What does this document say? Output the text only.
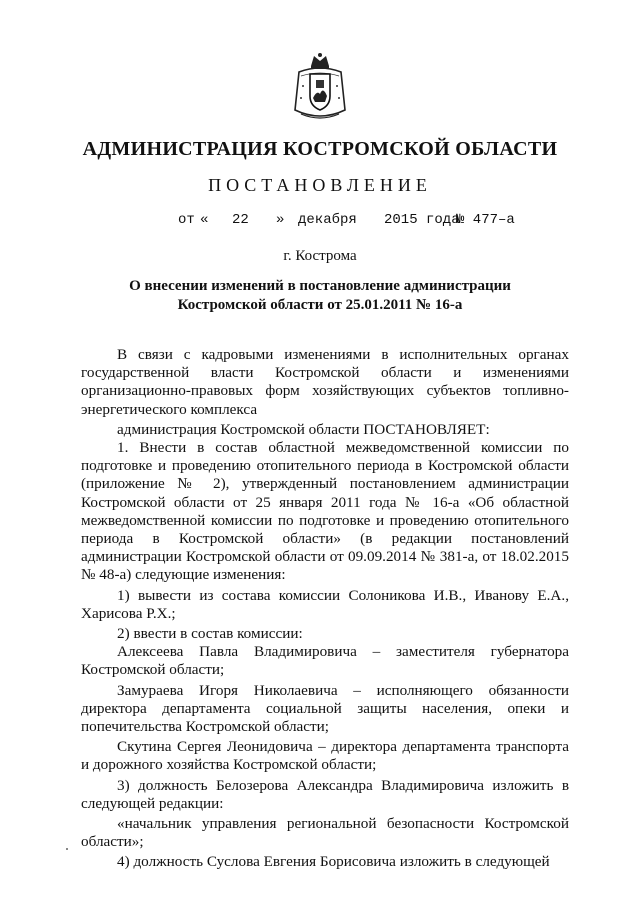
АДМИНИСТРАЦИЯ КОСТРОМСКОЙ ОБЛАСТИ
ПОСТАНОВЛЕНИЕ
от « 22 » декабря 2015 года
№ 477–а
г. Кострома
О внесении изменений в постановление администрации
Костромской области от 25.01.2011 № 16-а

В связи с кадровыми изменениями в исполнительных органах государственной власти Костромской области и изменениями организационно-правовых форм хозяйствующих субъектов топливно-энергетического комплекса

администрация Костромской области ПОСТАНОВЛЯЕТ:

1. Внести в состав областной межведомственной комиссии по подготовке и проведению отопительного периода в Костромской области (приложение № 2), утвержденный постановлением администрации Костромской области от 25 января 2011 года № 16-а «Об областной межведомственной комиссии по подготовке и проведению отопительного периода в Костромской области» (в редакции постановлений администрации Костромской области от 09.09.2014 № 381-а, от 18.02.2015 № 48-а) следующие изменения:

1) вывести из состава комиссии Солоникова И.В., Иванову Е.А., Харисова Р.Х.;

2) ввести в состав комиссии:

Алексеева Павла Владимировича – заместителя губернатора Костромской области;

Замураева Игоря Николаевича – исполняющего обязанности директора департамента социальной защиты населения, опеки и попечительства Костромской области;

Скутина Сергея Леонидовича – директора департамента транспорта и дорожного хозяйства Костромской области;

3) должность Белозерова Александра Владимировича изложить в следующей редакции:

«начальник управления региональной безопасности Костромской области»;

4) должность Суслова Евгения Борисовича изложить в следующей
